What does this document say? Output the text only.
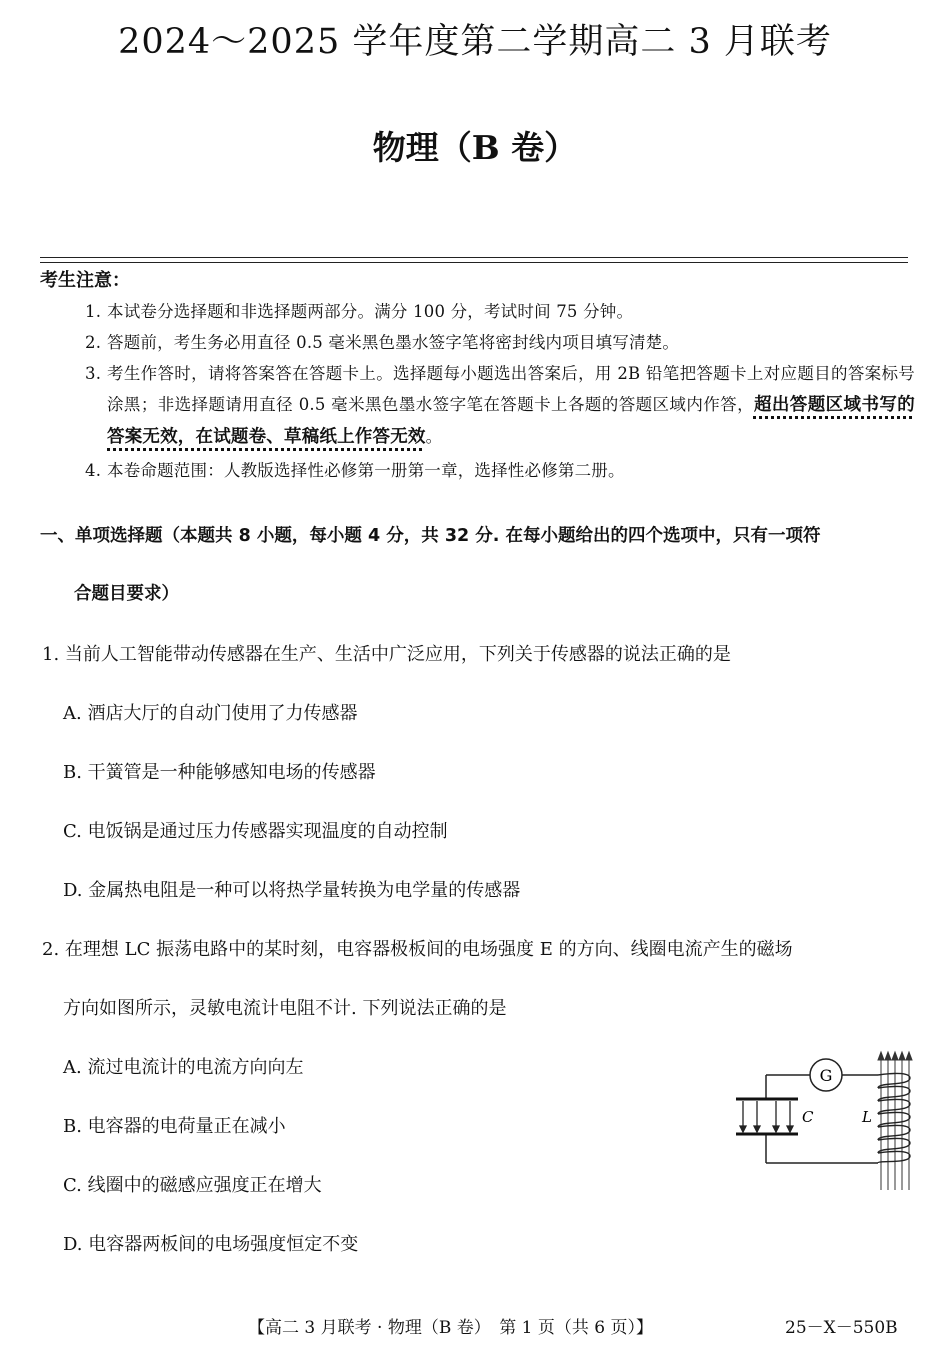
2024～2025 学年度第二学期高二 3 月联考
物理（B 卷）
考生注意：
1. 本试卷分选择题和非选择题两部分。满分 100 分，考试时间 75 分钟。
2. 答题前，考生务必用直径 0.5 毫米黑色墨水签字笔将密封线内项目填写清楚。
3. 考生作答时，请将答案答在答题卡上。选择题每小题选出答案后，用 2B 铅笔把答题卡上对应题目的答案标号涂黑；非选择题请用直径 0.5 毫米黑色墨水签字笔在答题卡上各题的答题区域内作答，超出答题区域书写的答案无效，在试题卷、草稿纸上作答无效。
4. 本卷命题范围：人教版选择性必修第一册第一章，选择性必修第二册。
一、单项选择题（本题共 8 小题，每小题 4 分，共 32 分. 在每小题给出的四个选项中，只有一项符
合题目要求）
1. 当前人工智能带动传感器在生产、生活中广泛应用，下列关于传感器的说法正确的是
A. 酒店大厅的自动门使用了力传感器
B. 干簧管是一种能够感知电场的传感器
C. 电饭锅是通过压力传感器实现温度的自动控制
D. 金属热电阻是一种可以将热学量转换为电学量的传感器
2. 在理想 LC 振荡电路中的某时刻，电容器极板间的电场强度 E 的方向、线圈电流产生的磁场
方向如图所示，灵敏电流计电阻不计. 下列说法正确的是
A. 流过电流计的电流方向向左
B. 电容器的电荷量正在减小
C. 线圈中的磁感应强度正在增大
D. 电容器两板间的电场强度恒定不变
G
C	L
【高二 3 月联考 · 物理（B 卷）　第 1 页（共 6 页）】	25－X－550B
